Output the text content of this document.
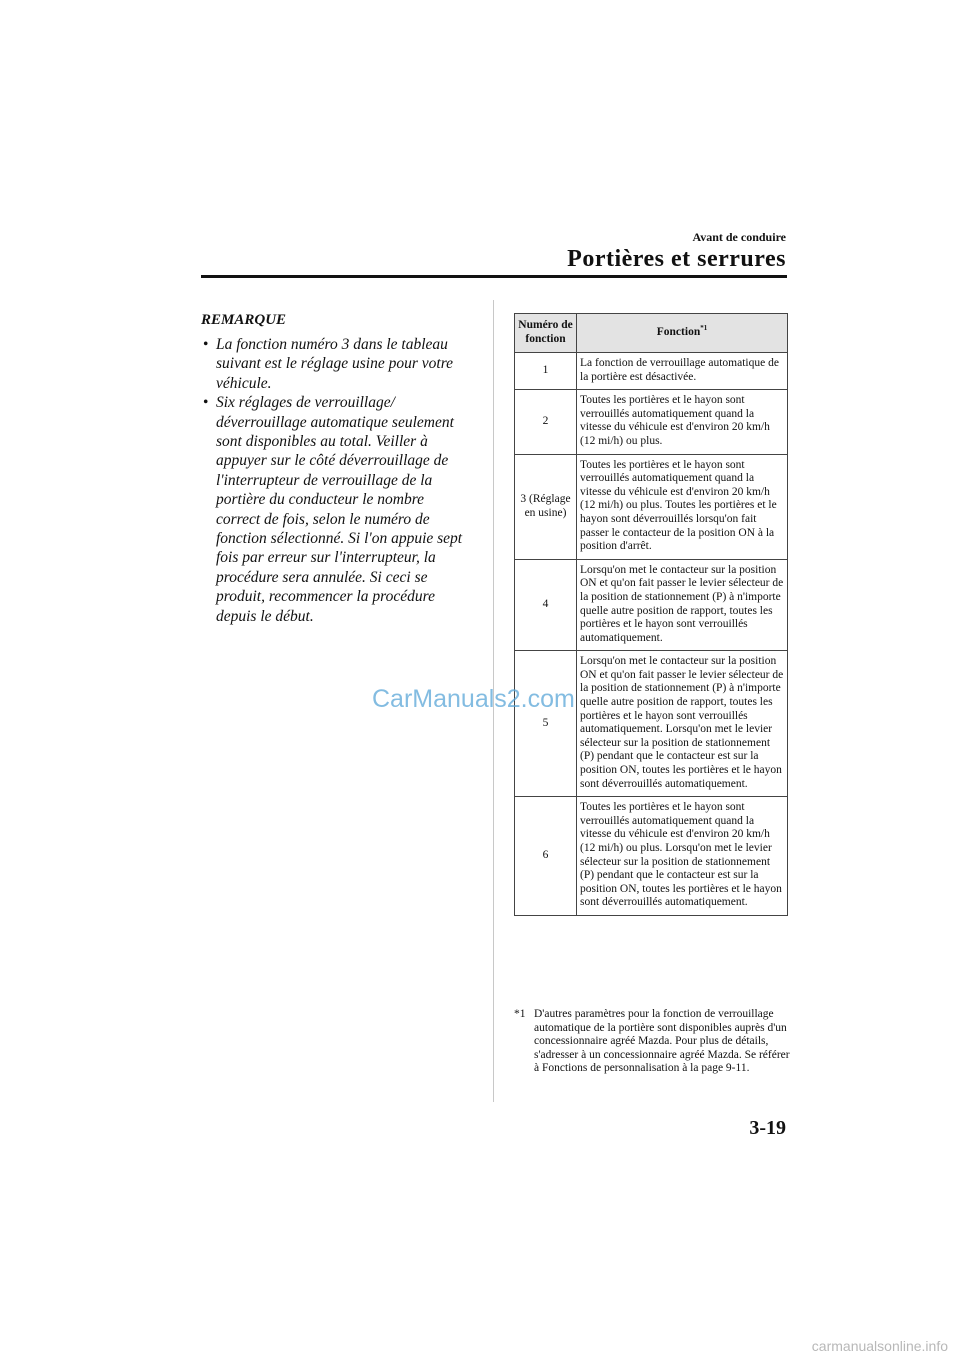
Avant de conduire
Portières et serrures
REMARQUE
• La fonction numéro 3 dans le tableau suivant est le réglage usine pour votre véhicule.
• Six réglages de verrouillage/ déverrouillage automatique seulement sont disponibles au total. Veiller à appuyer sur le côté déverrouillage de l'interrupteur de verrouillage de la portière du conducteur le nombre correct de fois, selon le numéro de fonction sélectionné. Si l'on appuie sept fois par erreur sur l'interrupteur, la procédure sera annulée. Si ceci se produit, recommencer la procédure depuis le début.
Numéro de fonction	Fonction$^{*1}$
1	La fonction de verrouillage automatique de la portière est désactivée.
2	Toutes les portières et le hayon sont verrouillés automatiquement quand la vitesse du véhicule est d'environ 20 km/h (12 mi/h) ou plus.
3 (Réglage en usine)	Toutes les portières et le hayon sont verrouillés automatiquement quand la vitesse du véhicule est d'environ 20 km/h (12 mi/h) ou plus. Toutes les portières et le hayon sont déverrouillés lorsqu'on fait passer le contacteur de la position ON à la position d'arrêt.
4	Lorsqu'on met le contacteur sur la position ON et qu'on fait passer le levier sélecteur de la position de stationnement (P) à n'importe quelle autre position de rapport, toutes les portières et le hayon sont verrouillés automatiquement.
5	Lorsqu'on met le contacteur sur la position ON et qu'on fait passer le levier sélecteur de la position de stationnement (P) à n'importe quelle autre position de rapport, toutes les portières et le hayon sont verrouillés automatiquement. Lorsqu'on met le levier sélecteur sur la position de stationnement (P) pendant que le contacteur est sur la position ON, toutes les portières et le hayon sont déverrouillés automatiquement.
6	Toutes les portières et le hayon sont verrouillés automatiquement quand la vitesse du véhicule est d'environ 20 km/h (12 mi/h) ou plus. Lorsqu'on met le levier sélecteur sur la position de stationnement (P) pendant que le contacteur est sur la position ON, toutes les portières et le hayon sont déverrouillés automatiquement.
*1 D'autres paramètres pour la fonction de verrouillage automatique de la portière sont disponibles auprès d'un concessionnaire agréé Mazda. Pour plus de détails, s'adresser à un concessionnaire agréé Mazda. Se référer à Fonctions de personnalisation à la page 9-11.
CarManuals2.com
3-19
carmanualsonline.info
